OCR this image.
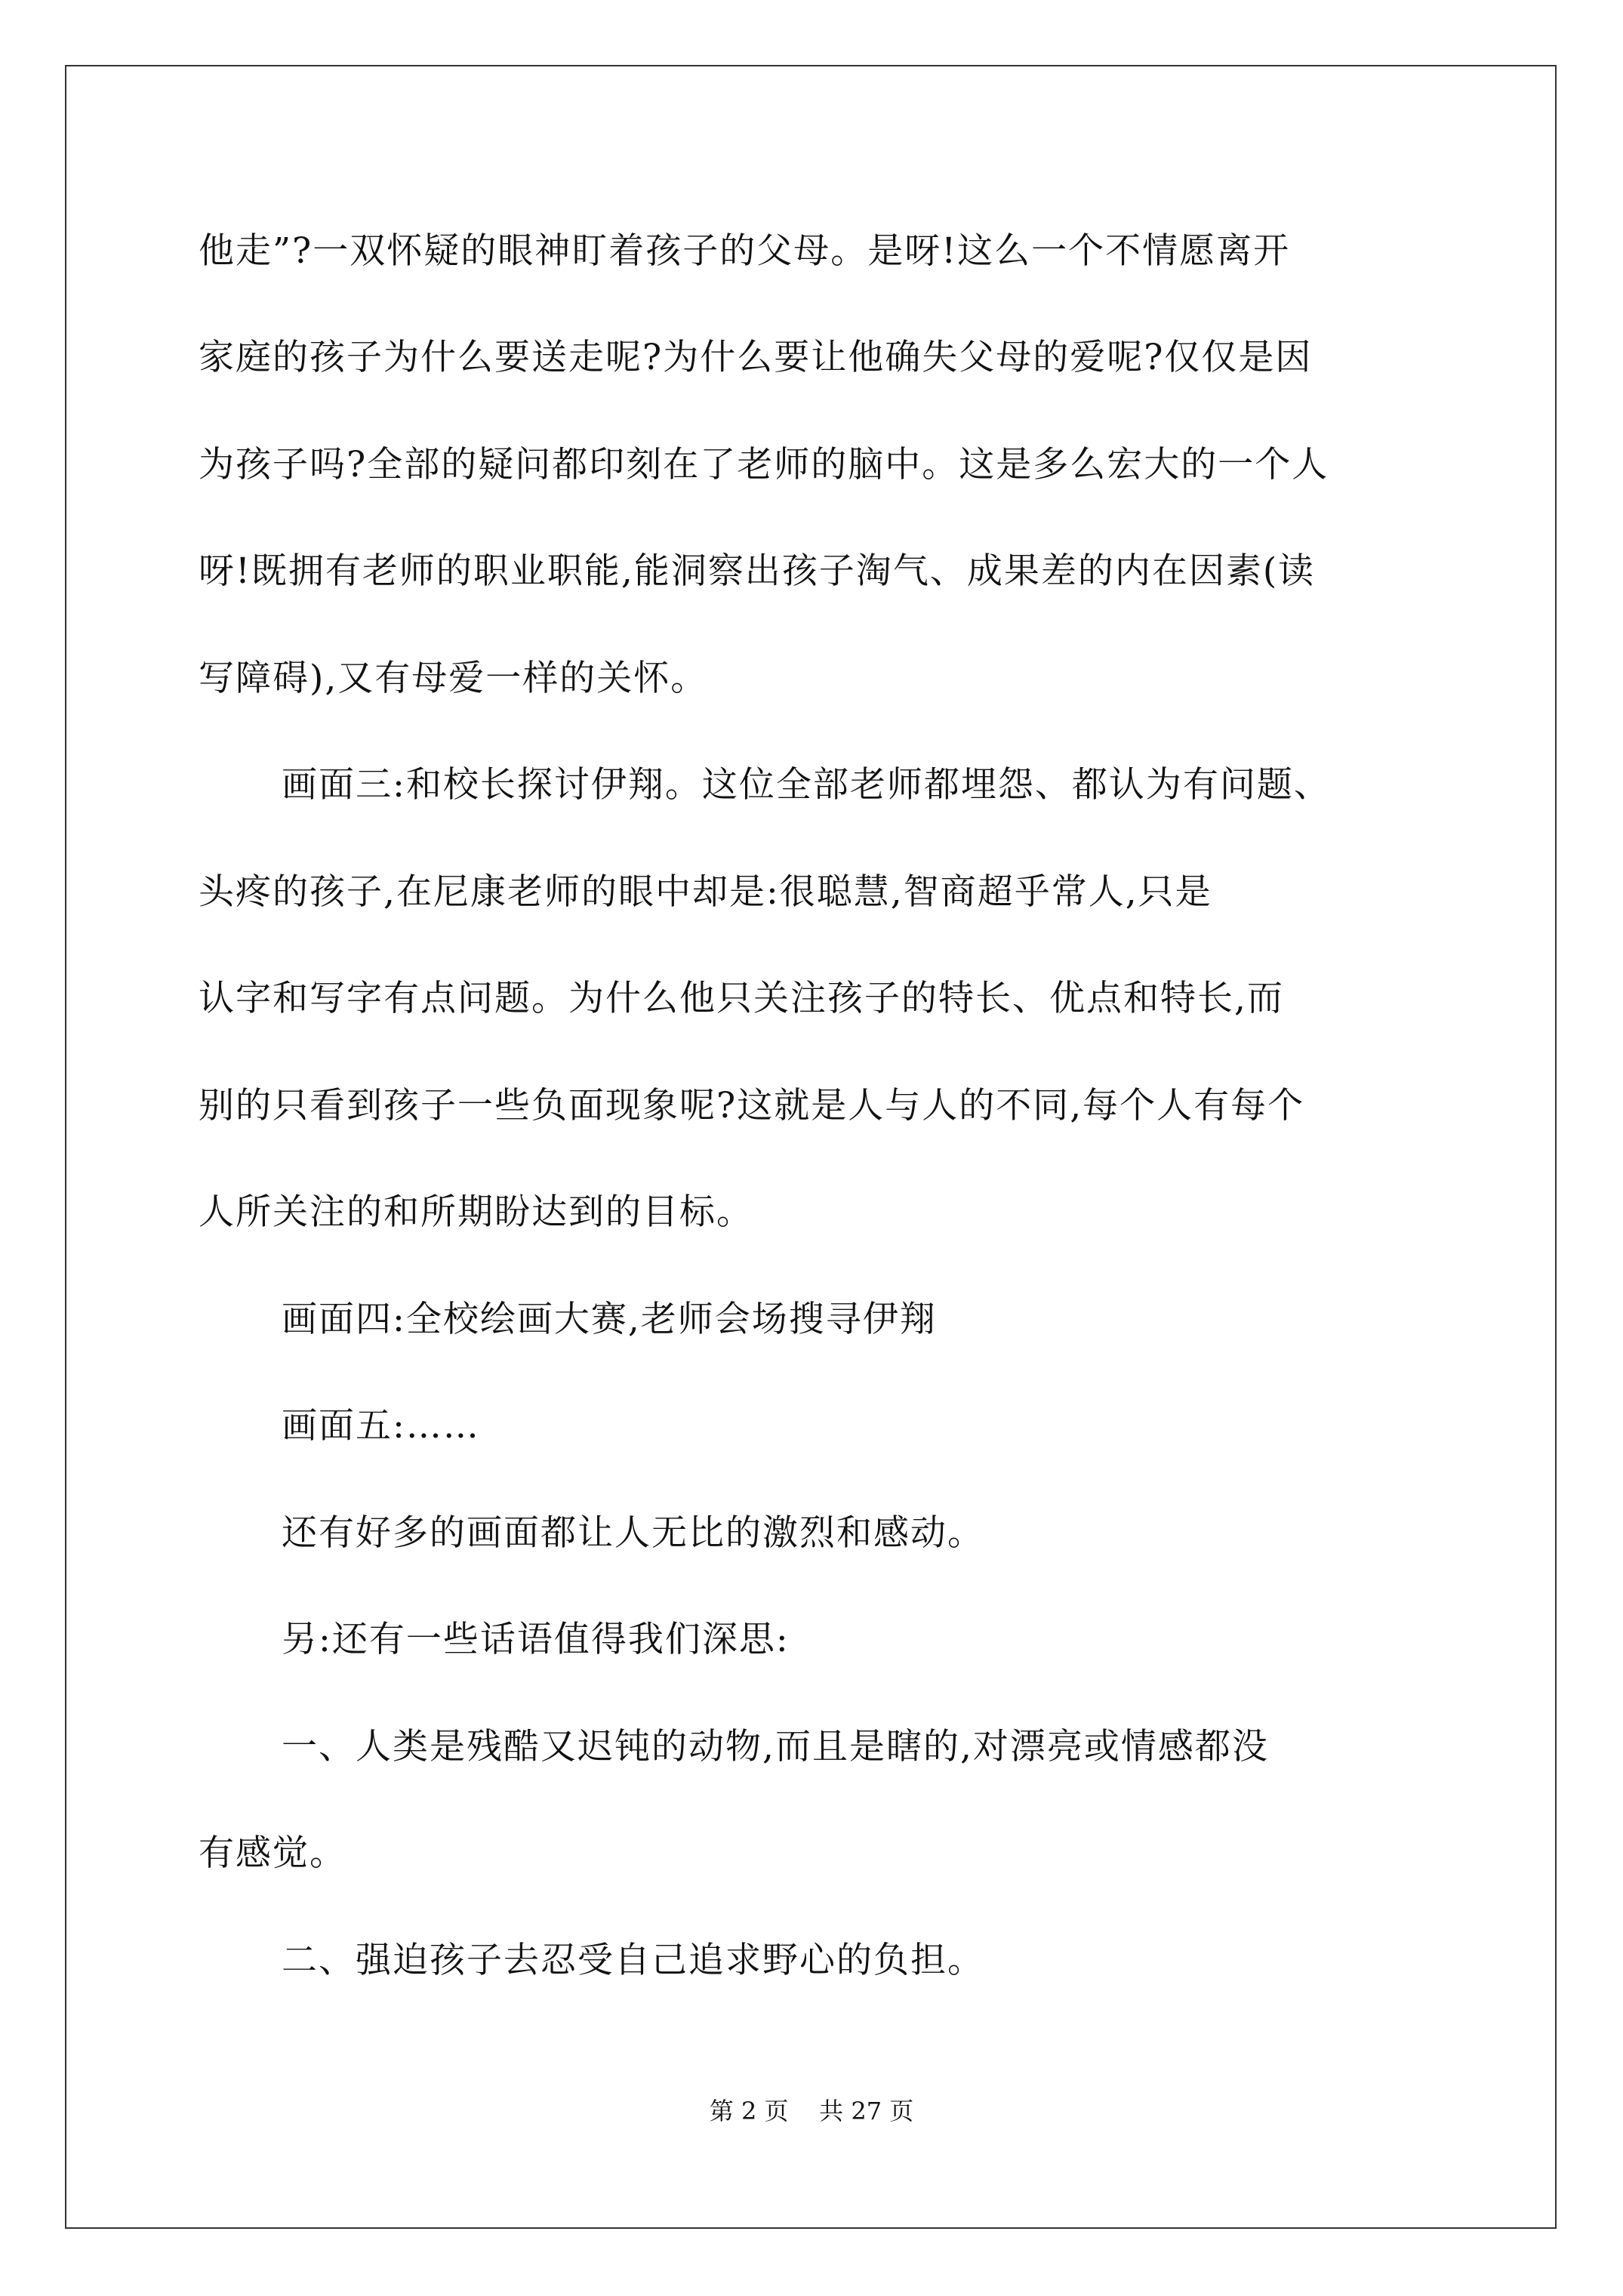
他走”?一双怀疑的眼神盯着孩子的父母。是呀!这么一个不情愿离开
家庭的孩子为什么要送走呢?为什么要让他确失父母的爱呢?仅仅是因
为孩子吗?全部的疑问都印刻在了老师的脑中。这是多么宏大的一个人
呀!既拥有老师的职业职能,能洞察出孩子淘气、成果差的内在因素(读
写障碍),又有母爱一样的关怀。
画面三:和校长探讨伊翔。这位全部老师都埋怨、都认为有问题、
头疼的孩子,在尼康老师的眼中却是:很聪慧,智商超乎常人,只是
认字和写字有点问题。为什么他只关注孩子的特长、优点和特长,而
别的只看到孩子一些负面现象呢?这就是人与人的不同,每个人有每个
人所关注的和所期盼达到的目标。
画面四:全校绘画大赛,老师会场搜寻伊翔
画面五:……
还有好多的画面都让人无比的激烈和感动。
另:还有一些话语值得我们深思:
一、人类是残酷又迟钝的动物,而且是瞎的,对漂亮或情感都没
有感觉。
二、强迫孩子去忍受自己追求野心的负担。
第 2 页    共 27 页
